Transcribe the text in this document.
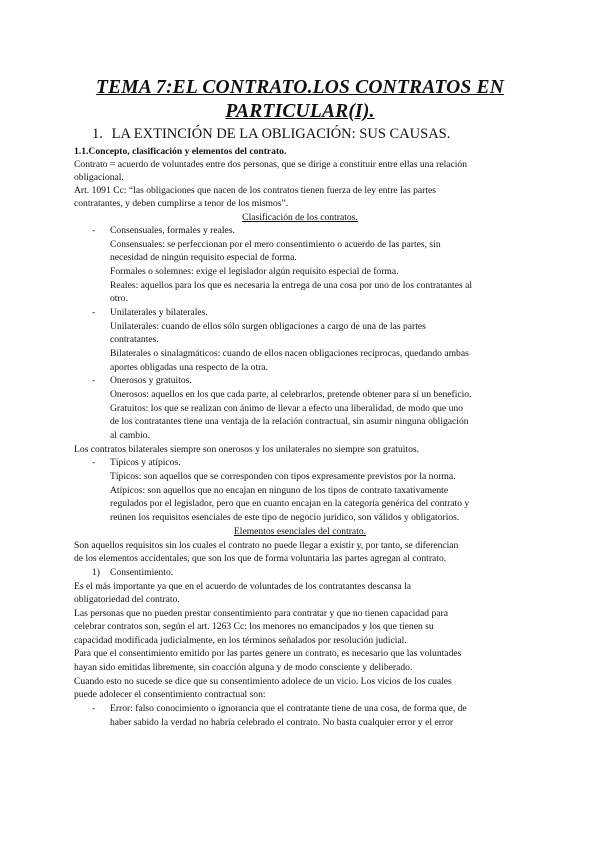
TEMA 7:EL CONTRATO.LOS CONTRATOS EN
PARTICULAR(I).
1. LA EXTINCIÓN DE LA OBLIGACIÓN: SUS CAUSAS.
1.1.Concepto, clasificación y elementos del contrato.
Contrato = acuerdo de voluntades entre dos personas, que se dirige a constituir entre ellas una relación
obligacional.
Art. 1091 Cc: “las obligaciones que nacen de los contratos tienen fuerza de ley entre las partes
contratantes, y deben cumplirse a tenor de los mismos”.
Clasificación de los contratos.
- Consensuales, formales y reales.
Consensuales: se perfeccionan por el mero consentimiento o acuerdo de las partes, sin
necesidad de ningún requisito especial de forma.
Formales o solemnes: exige el legislador algún requisito especial de forma.
Reales: aquellos para los que es necesaria la entrega de una cosa por uno de los contratantes al
otro.
- Unilaterales y bilaterales.
Unilaterales: cuando de ellos sólo surgen obligaciones a cargo de una de las partes
contratantes.
Bilaterales o sinalagmáticos: cuando de ellos nacen obligaciones recíprocas, quedando ambas
aportes obligadas una respecto de la otra.
- Onerosos y gratuitos.
Onerosos: aquellos en los que cada parte, al celebrarlos, pretende obtener para sí un beneficio.
Gratuitos: los que se realizan con ánimo de llevar a efecto una liberalidad, de modo que uno
de los contratantes tiene una ventaja de la relación contractual, sin asumir ninguna obligación
al cambio.
Los contratos bilaterales siempre son onerosos y los unilaterales no siempre son gratuitos.
- Típicos y atípicos.
Típicos: son aquellos que se corresponden con tipos expresamente previstos por la norma.
Atípicos: son aquellos que no encajan en ninguno de los tipos de contrato taxativamente
regulados por el legislador, pero que en cuanto encajan en la categoría genérica del contrato y
reúnen los requisitos esenciales de este tipo de negocio jurídico, son válidos y obligatorios.
Elementos esenciales del contrato.
Son aquellos requisitos sin los cuales el contrato no puede llegar a existir y, por tanto, se diferencian
de los elementos accidentales, que son los que de forma voluntaria las partes agregan al contrato.
1) Consentimiento.
Es el más importante ya que en el acuerdo de voluntades de los contratantes descansa la
obligatoriedad del contrato.
Las personas que no pueden prestar consentimiento para contratar y que no tienen capacidad para
celebrar contratos son, según el art. 1263 Cc: los menores no emancipados y los que tienen su
capacidad modificada judicialmente, en los términos señalados por resolución judicial.
Para que el consentimiento emitido por las partes genere un contrato, es necesario que las voluntades
hayan sido emitidas libremente, sin coacción alguna y de modo consciente y deliberado.
Cuando esto no sucede se dice que su consentimiento adolece de un vicio. Los vicios de los cuales
puede adolecer el consentimiento contractual son:
- Error: falso conocimiento o ignorancia que el contratante tiene de una cosa, de forma que, de
haber sabido la verdad no habría celebrado el contrato. No basta cualquier error y el error
